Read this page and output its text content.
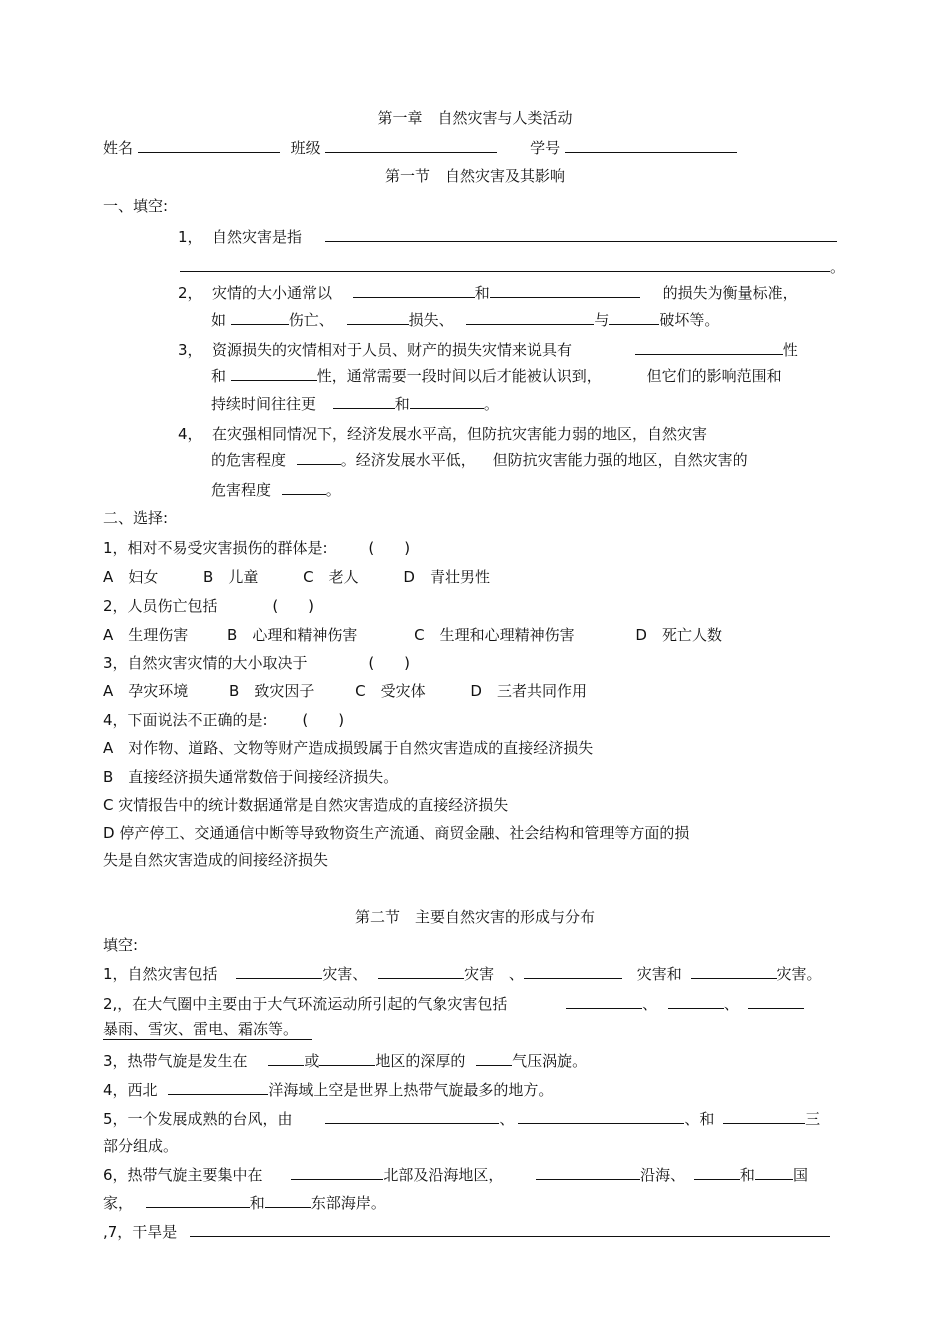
第一章　自然灾害与人类活动
姓名	班级	学号
第一节　自然灾害及其影响
一、填空:
1， 自然灾害是指
。
2， 灾情的大小通常以	和	的损失为衡量标准，
如	伤亡、	损失、	与	破坏等。
3， 资源损失的灾情相对于人员、财产的损失灾情来说具有	性
和	性，通常需要一段时间以后才能被认识到，	但它们的影响范围和
持续时间往往更	和	。
4， 在灾强相同情况下，经济发展水平高，但防抗灾害能力弱的地区，自然灾害
的危害程度	。经济发展水平低， 但防抗灾害能力强的地区，自然灾害的
危害程度	。
二、选择:
1，相对不易受灾害损伤的群体是:	(　　)
A　妇女	B　儿童	C　老人	D　青壮男性
2，人员伤亡包括	(　　)
A　生理伤害	B　心理和精神伤害	C　生理和心理精神伤害	D　死亡人数
3，自然灾害灾情的大小取决于	(　　)
A　孕灾环境	B　致灾因子	C　受灾体	D　三者共同作用
4，下面说法不正确的是: (　　)
A　对作物、道路、文物等财产造成损毁属于自然灾害造成的直接经济损失
B　直接经济损失通常数倍于间接经济损失。
C 灾情报告中的统计数据通常是自然灾害造成的直接经济损失
D 停产停工、交通通信中断等导致物资生产流通、商贸金融、社会结构和管理等方面的损
失是自然灾害造成的间接经济损失
第二节　主要自然灾害的形成与分布
填空:
1，自然灾害包括	灾害、	灾害 、	灾害和	灾害。
2,，在大气圈中主要由于大气环流运动所引起的气象灾害包括	、	、
暴雨、雪灾、雷电、霜冻等。
3，热带气旋是发生在	或	地区的深厚的	气压涡旋。
4，西北	洋海域上空是世界上热带气旋最多的地方。
5，一个发展成熟的台风，由	、	、和	三
部分组成。
6，热带气旋主要集中在	北部及沿海地区，	沿海、	和	国
家，	和	东部海岸。
,7，干旱是
